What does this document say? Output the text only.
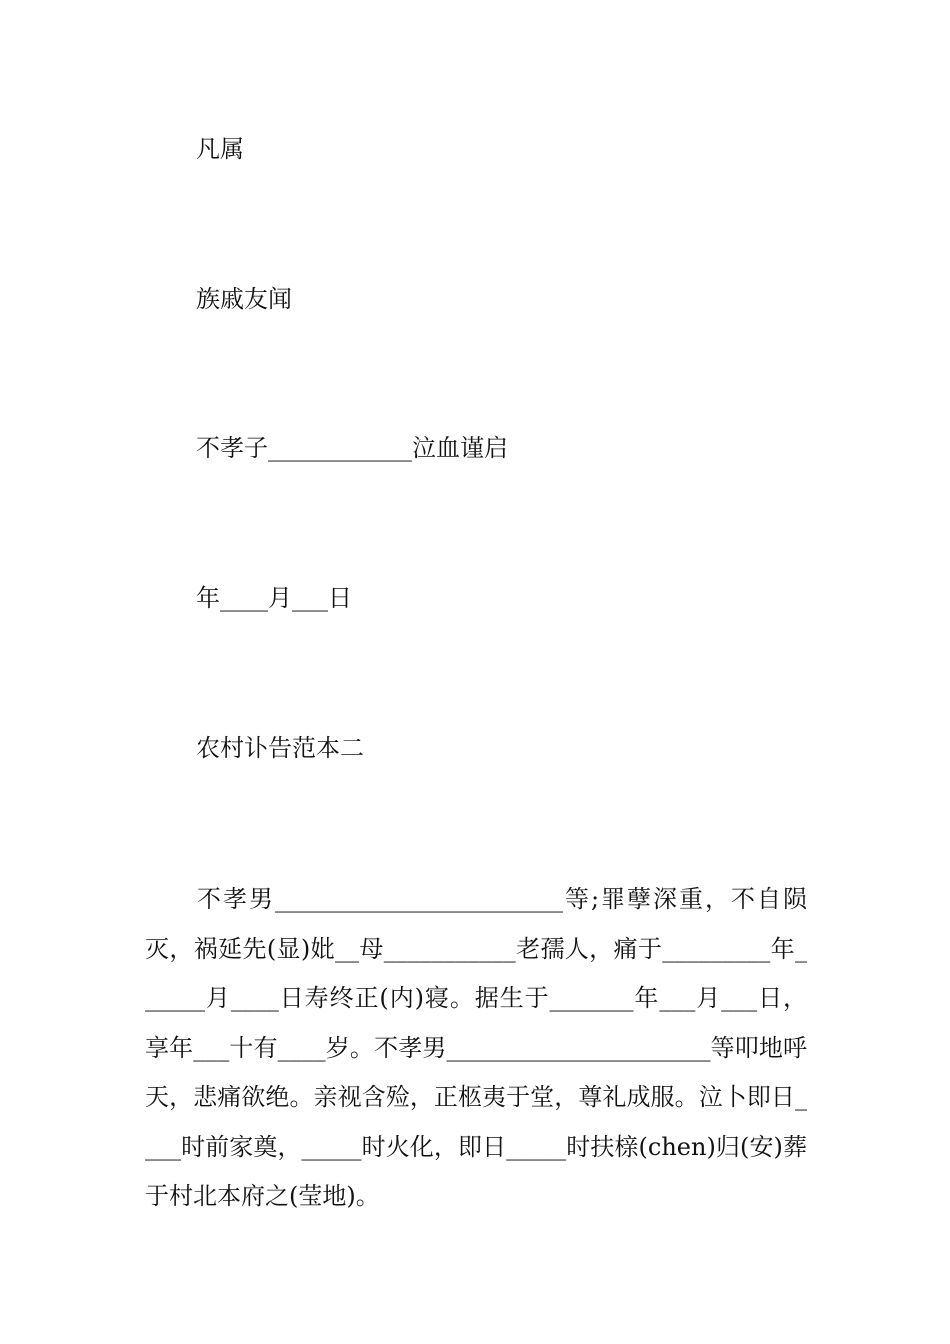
凡属
族戚友闻
不孝子____________泣血谨启
年____月___日
农村讣告范本二

不孝男________________________等;罪孽深重，不自陨灭，祸延先(显)妣__母___________老孺人，痛于_________年______月____日寿终正(内)寝。据生于_______年___月___日，享年___十有____岁。不孝男______________________等叩地呼天，悲痛欲绝。亲视含殓，正柩夷于堂，尊礼成服。泣卜即日____时前家奠，_____时火化，即日_____时扶榇(chen)归(安)葬于村北本府之(莹地)。
